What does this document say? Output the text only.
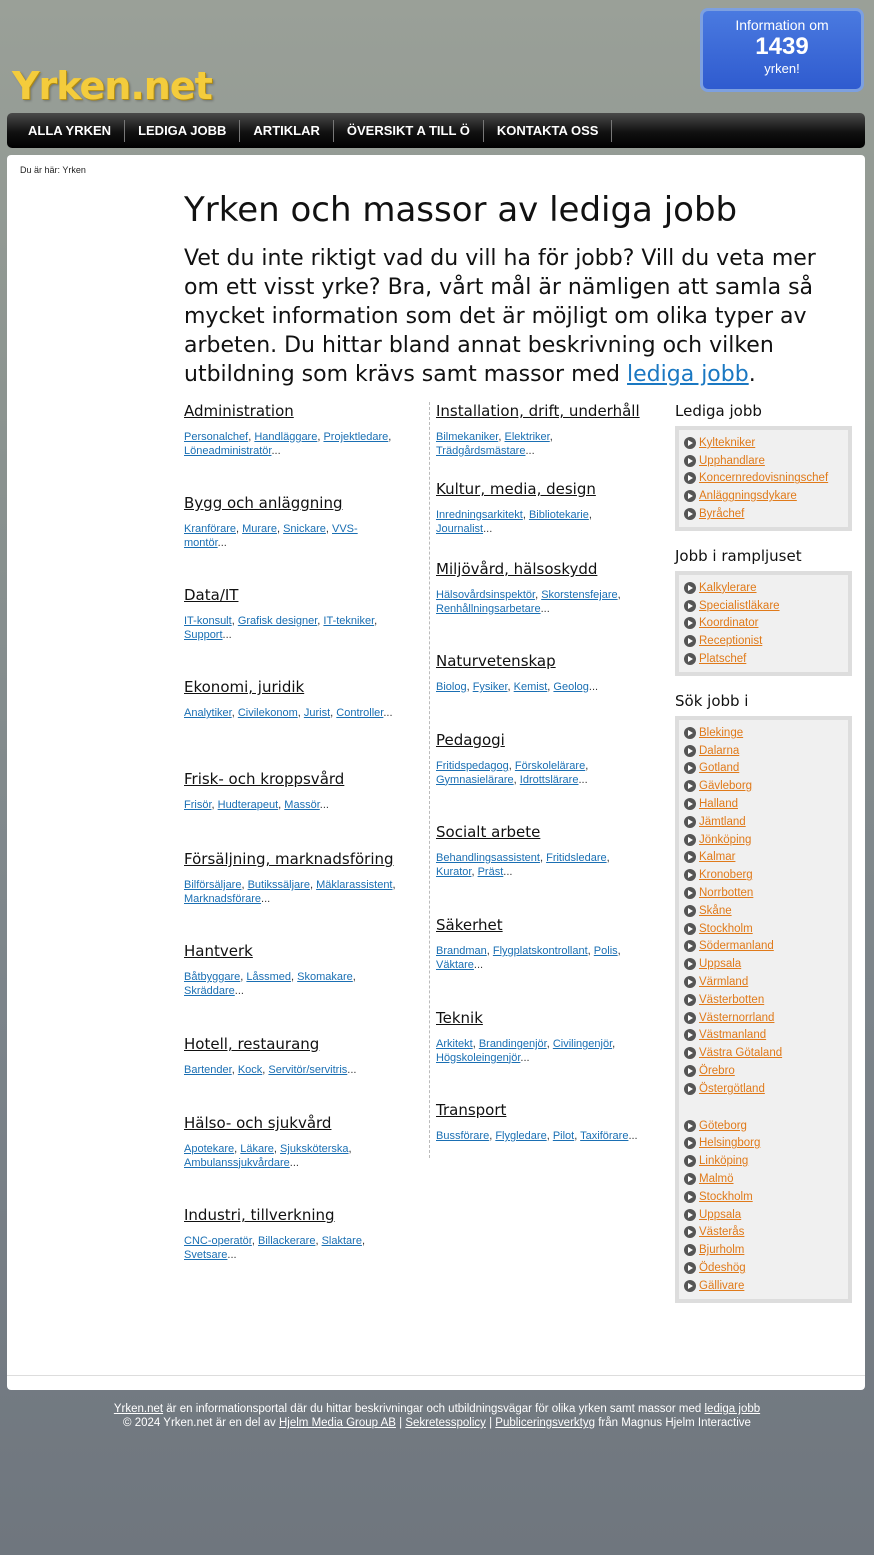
Yrken.net
Information om
1439
yrken!
ALLA YRKEN	LEDIGA JOBB	ARTIKLAR	ÖVERSIKT A TILL Ö	KONTAKTA OSS
Du är här: Yrken
Yrken och massor av lediga jobb

Vet du inte riktigt vad du vill ha för jobb? Vill du veta mer om ett visst yrke? Bra, vårt mål är nämligen att samla så mycket information som det är möjligt om olika typer av arbeten. Du hittar bland annat beskrivning och vilken utbildning som krävs samt massor med lediga jobb.

Administration
Personalchef, Handläggare, Projektledare, Löneadministratör...
Bygg och anläggning
Kranförare, Murare, Snickare, VVS-montör...
Data/IT
IT-konsult, Grafisk designer, IT-tekniker, Support...
Ekonomi, juridik
Analytiker, Civilekonom, Jurist, Controller...
Frisk- och kroppsvård
Frisör, Hudterapeut, Massör...
Försäljning, marknadsföring
Bilförsäljare, Butikssäljare, Mäklarassistent, Marknadsförare...
Hantverk
Båtbyggare, Låssmed, Skomakare, Skräddare...
Hotell, restaurang
Bartender, Kock, Servitör/servitris...
Hälso- och sjukvård
Apotekare, Läkare, Sjuksköterska, Ambulanssjukvårdare...
Industri, tillverkning
CNC-operatör, Billackerare, Slaktare, Svetsare...
Installation, drift, underhåll
Bilmekaniker, Elektriker, Trädgårdsmästare...
Kultur, media, design
Inredningsarkitekt, Bibliotekarie, Journalist...
Miljövård, hälsoskydd
Hälsovårdsinspektör, Skorstensfejare, Renhållningsarbetare...
Naturvetenskap
Biolog, Fysiker, Kemist, Geolog...
Pedagogi
Fritidspedagog, Förskolelärare, Gymnasielärare, Idrottslärare...
Socialt arbete
Behandlingsassistent, Fritidsledare, Kurator, Präst...
Säkerhet
Brandman, Flygplatskontrollant, Polis, Väktare...
Teknik
Arkitekt, Brandingenjör, Civilingenjör, Högskoleingenjör...
Transport
Bussförare, Flygledare, Pilot, Taxiförare...
Lediga jobb
Kyltekniker
Upphandlare
Koncernredovisningschef
Anläggningsdykare
Byråchef
Jobb i rampljuset
Kalkylerare
Specialistläkare
Koordinator
Receptionist
Platschef
Sök jobb i
Blekinge
Dalarna
Gotland
Gävleborg
Halland
Jämtland
Jönköping
Kalmar
Kronoberg
Norrbotten
Skåne
Stockholm
Södermanland
Uppsala
Värmland
Västerbotten
Västernorrland
Västmanland
Västra Götaland
Örebro
Östergötland
Göteborg
Helsingborg
Linköping
Malmö
Stockholm
Uppsala
Västerås
Bjurholm
Ödeshög
Gällivare
Yrken.net är en informationsportal där du hittar beskrivningar och utbildningsvägar för olika yrken samt massor med lediga jobb
© 2024 Yrken.net är en del av Hjelm Media Group AB | Sekretesspolicy | Publiceringsverktyg från Magnus Hjelm Interactive
